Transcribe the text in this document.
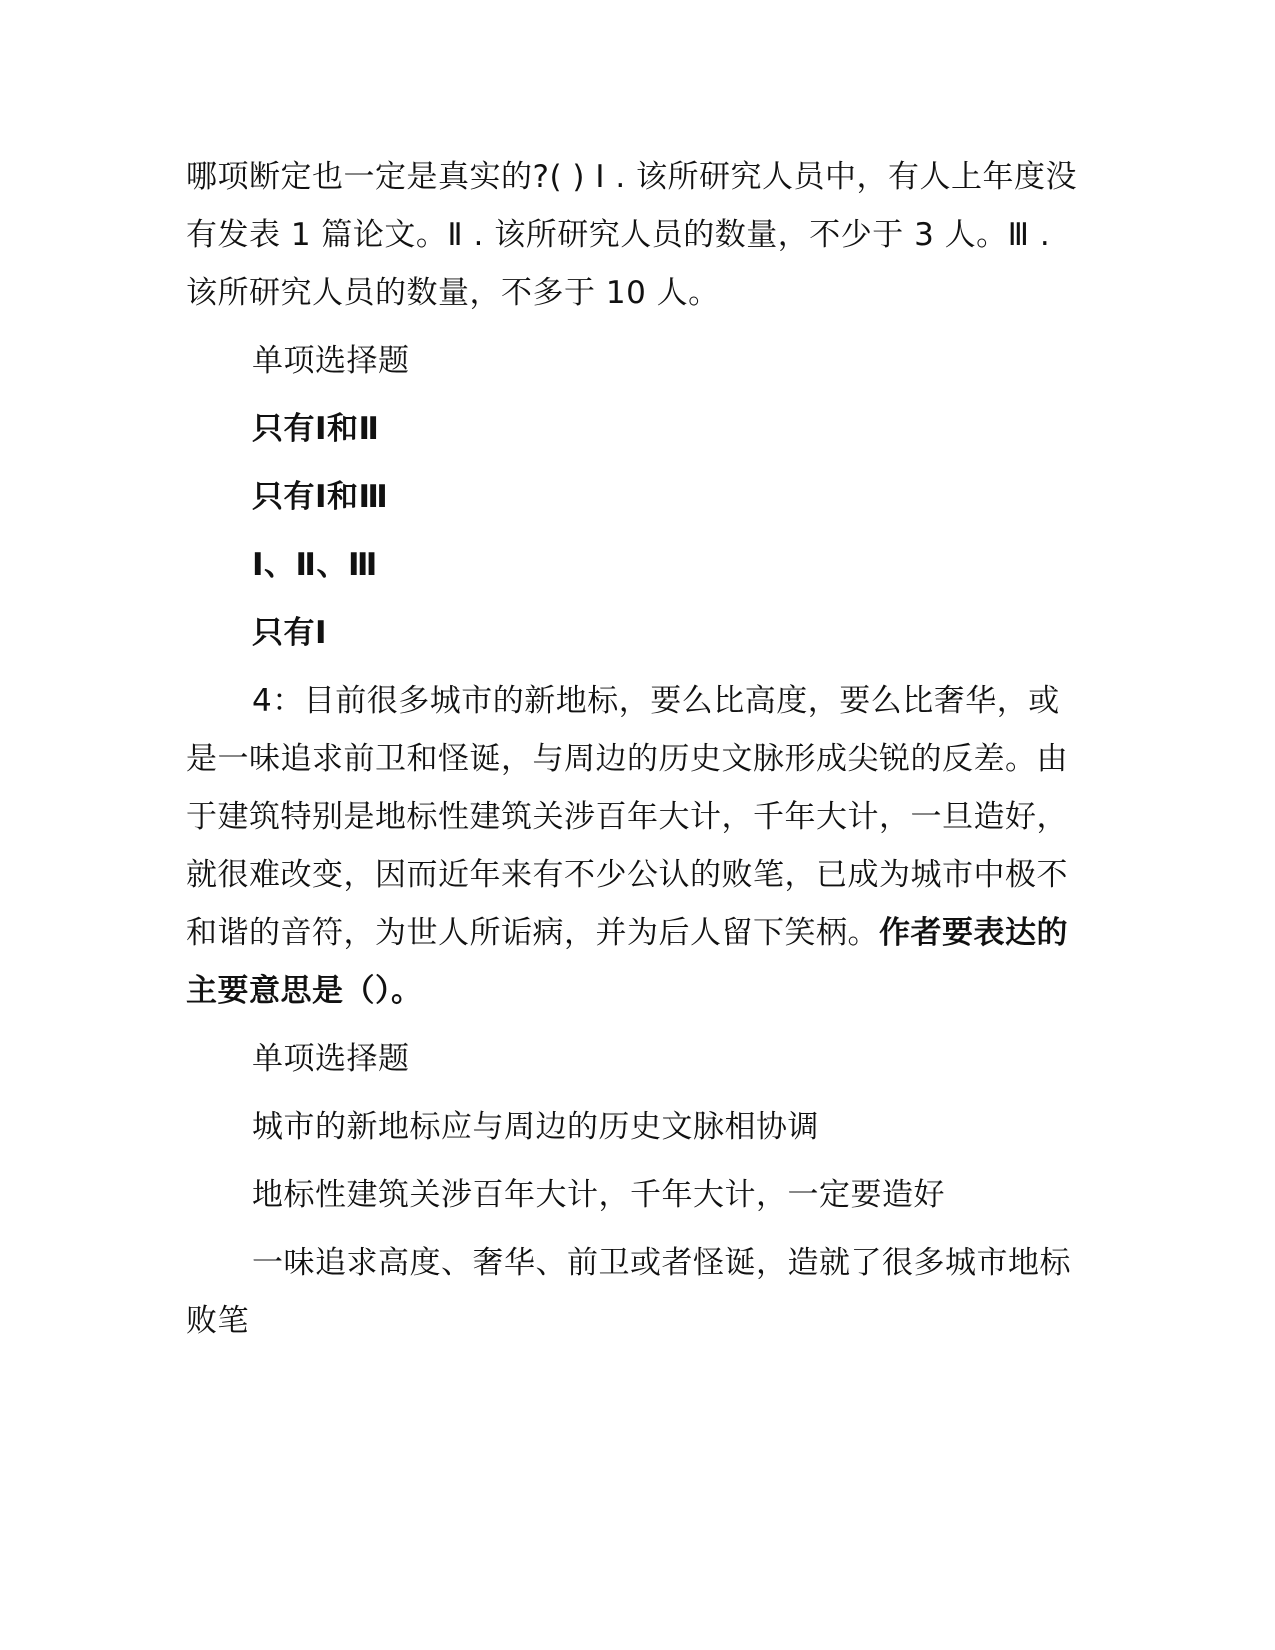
哪项断定也一定是真实的?( ) Ⅰ . 该所研究人员中，有人上年度没有发表 1 篇论文。Ⅱ . 该所研究人员的数量，不少于 3 人。Ⅲ . 该所研究人员的数量，不多于 10 人。

单项选择题

只有Ⅰ和Ⅱ

只有Ⅰ和Ⅲ

Ⅰ、Ⅱ、Ⅲ

只有Ⅰ

4：目前很多城市的新地标，要么比高度，要么比奢华，或是一味追求前卫和怪诞，与周边的历史文脉形成尖锐的反差。由于建筑特别是地标性建筑关涉百年大计，千年大计，一旦造好，就很难改变，因而近年来有不少公认的败笔，已成为城市中极不和谐的音符，为世人所诟病，并为后人留下笑柄。作者要表达的主要意思是（）。

单项选择题

城市的新地标应与周边的历史文脉相协调

地标性建筑关涉百年大计，千年大计，一定要造好

一味追求高度、奢华、前卫或者怪诞，造就了很多城市地标败笔
